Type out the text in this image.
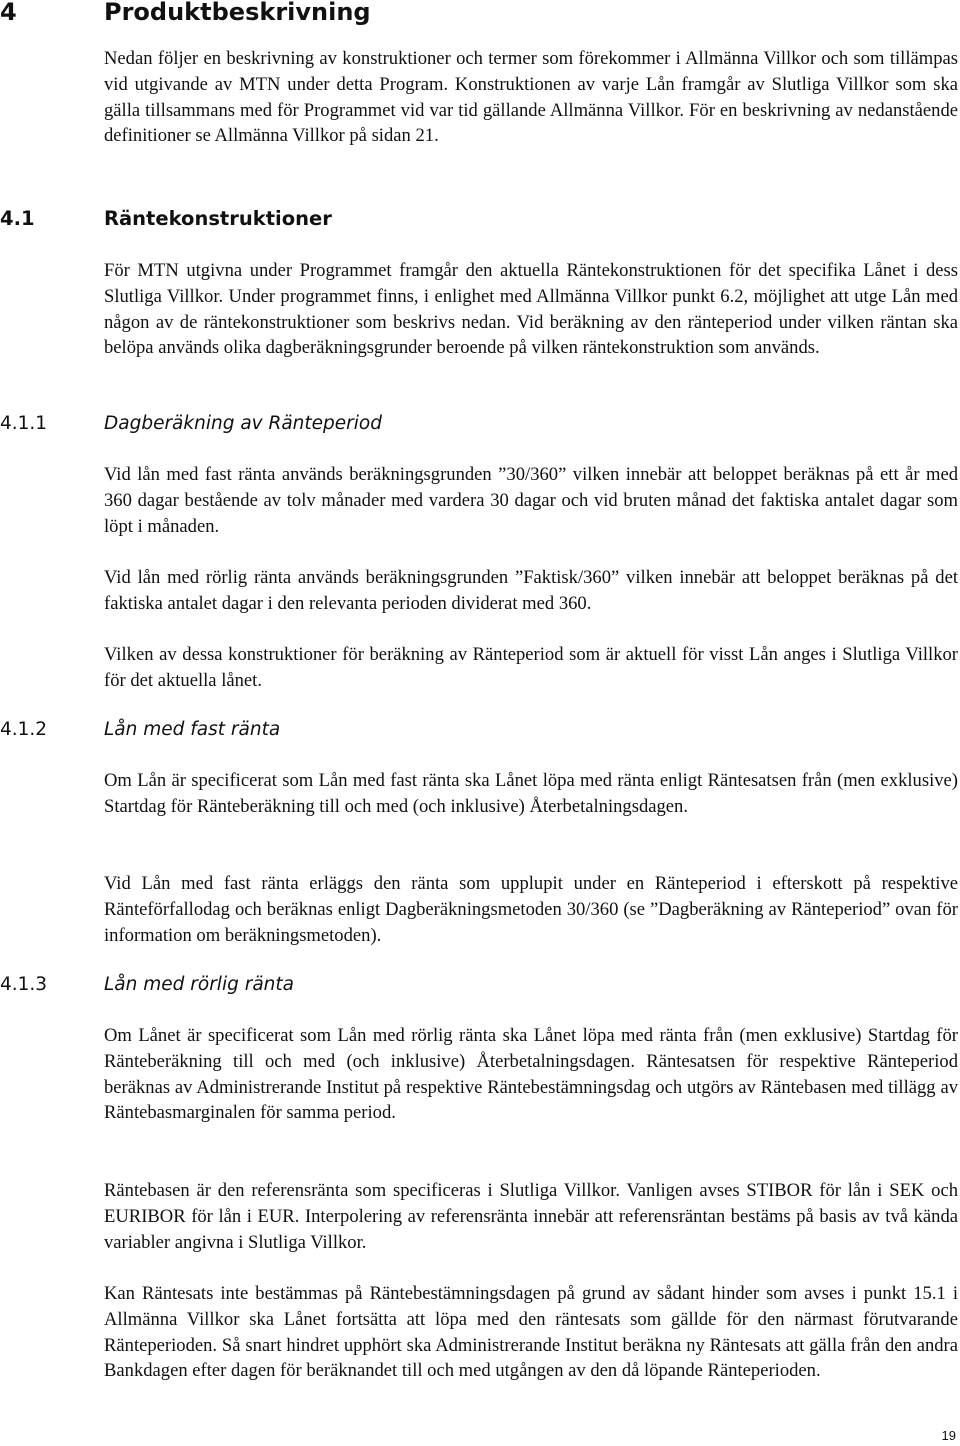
4	Produktbeskrivning
Nedan följer en beskrivning av konstruktioner och termer som förekommer i Allmänna Villkor och som tillämpas vid utgivande av MTN under detta Program. Konstruktionen av varje Lån framgår av Slutliga Villkor som ska gälla tillsammans med för Programmet vid var tid gällande Allmänna Villkor. För en beskrivning av nedanstående definitioner se Allmänna Villkor på sidan 21.
4.1	Räntekonstruktioner
För MTN utgivna under Programmet framgår den aktuella Räntekonstruktionen för det specifika Lånet i dess Slutliga Villkor. Under programmet finns, i enlighet med Allmänna Villkor punkt 6.2, möjlighet att utge Lån med någon av de räntekonstruktioner som beskrivs nedan. Vid beräkning av den ränteperiod under vilken räntan ska belöpa används olika dagberäkningsgrunder beroende på vilken räntekonstruktion som används.
4.1.1	Dagberäkning av Ränteperiod
Vid lån med fast ränta används beräkningsgrunden ”30/360” vilken innebär att beloppet beräknas på ett år med 360 dagar bestående av tolv månader med vardera 30 dagar och vid bruten månad det faktiska antalet dagar som löpt i månaden.
Vid lån med rörlig ränta används beräkningsgrunden ”Faktisk/360” vilken innebär att beloppet beräknas på det faktiska antalet dagar i den relevanta perioden dividerat med 360.
Vilken av dessa konstruktioner för beräkning av Ränteperiod som är aktuell för visst Lån anges i Slutliga Villkor för det aktuella lånet.
4.1.2	Lån med fast ränta
Om Lån är specificerat som Lån med fast ränta ska Lånet löpa med ränta enligt Räntesatsen från (men exklusive) Startdag för Ränteberäkning till och med (och inklusive) Återbetalningsdagen.
Vid Lån med fast ränta erläggs den ränta som upplupit under en Ränteperiod i efterskott på respektive Ränteförfallodag och beräknas enligt Dagberäkningsmetoden 30/360 (se ”Dagberäkning av Ränteperiod” ovan för information om beräkningsmetoden).
4.1.3	Lån med rörlig ränta
Om Lånet är specificerat som Lån med rörlig ränta ska Lånet löpa med ränta från (men exklusive) Startdag för Ränteberäkning till och med (och inklusive) Återbetalningsdagen. Räntesatsen för respektive Ränteperiod beräknas av Administrerande Institut på respektive Räntebestämningsdag och utgörs av Räntebasen med tillägg av Räntebasmarginalen för samma period.
Räntebasen är den referensränta som specificeras i Slutliga Villkor. Vanligen avses STIBOR för lån i SEK och EURIBOR för lån i EUR. Interpolering av referensränta innebär att referensräntan bestäms på basis av två kända variabler angivna i Slutliga Villkor.
Kan Räntesats inte bestämmas på Räntebestämningsdagen på grund av sådant hinder som avses i punkt 15.1 i Allmänna Villkor ska Lånet fortsätta att löpa med den räntesats som gällde för den närmast förutvarande Ränteperioden. Så snart hindret upphört ska Administrerande Institut beräkna ny Räntesats att gälla från den andra Bankdagen efter dagen för beräknandet till och med utgången av den då löpande Ränteperioden.
19
